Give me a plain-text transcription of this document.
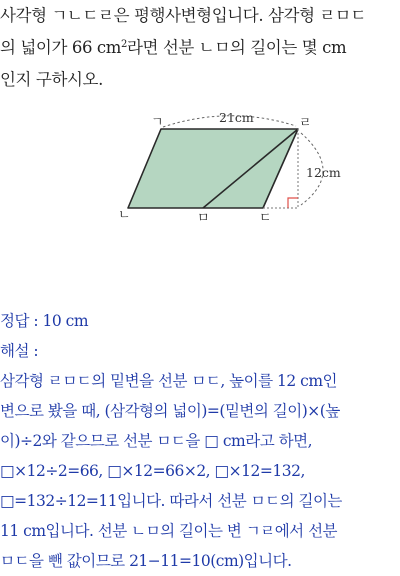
사각형 ㄱㄴㄷㄹ은 평행사변형입니다. 삼각형 ㄹㅁㄷ
의 넓이가 66 $cm^2$라면 선분 ㄴㅁ의 길이는 몇 cm
인지 구하시오.
21cm
12cm
ㄱ	ㄹ
ㄴ	ㅁ	ㄷ

정답 : 10 cm

해설 :

삼각형 ㄹㅁㄷ의 밑변을 선분 ㅁㄷ, 높이를 12 cm인

변으로 봤을 때, (삼각형의 넓이)=(밑변의 길이)×(높

이)÷2와 같으므로 선분 ㅁㄷ을 □ cm라고 하면,

□×12÷2=66, □×12=66×2, □×12=132,

□=132÷12=11입니다. 따라서 선분 ㅁㄷ의 길이는

11 cm입니다. 선분 ㄴㅁ의 길이는 변 ㄱㄹ에서 선분

ㅁㄷ을 뺀 값이므로 21−11=10(cm)입니다.
